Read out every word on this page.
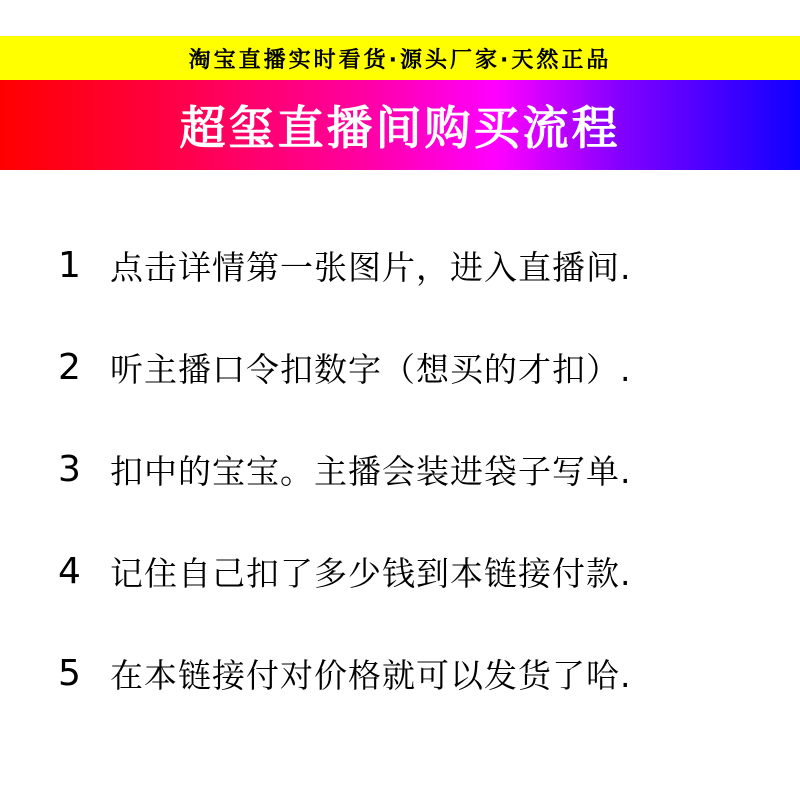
淘宝直播实时看货·源头厂家·天然正品
超玺直播间购买流程
1 点击详情第一张图片，进入直播间.
2 听主播口令扣数字（想买的才扣）.
3 扣中的宝宝。主播会装进袋子写单.
4 记住自己扣了多少钱到本链接付款.
5 在本链接付对价格就可以发货了哈.
